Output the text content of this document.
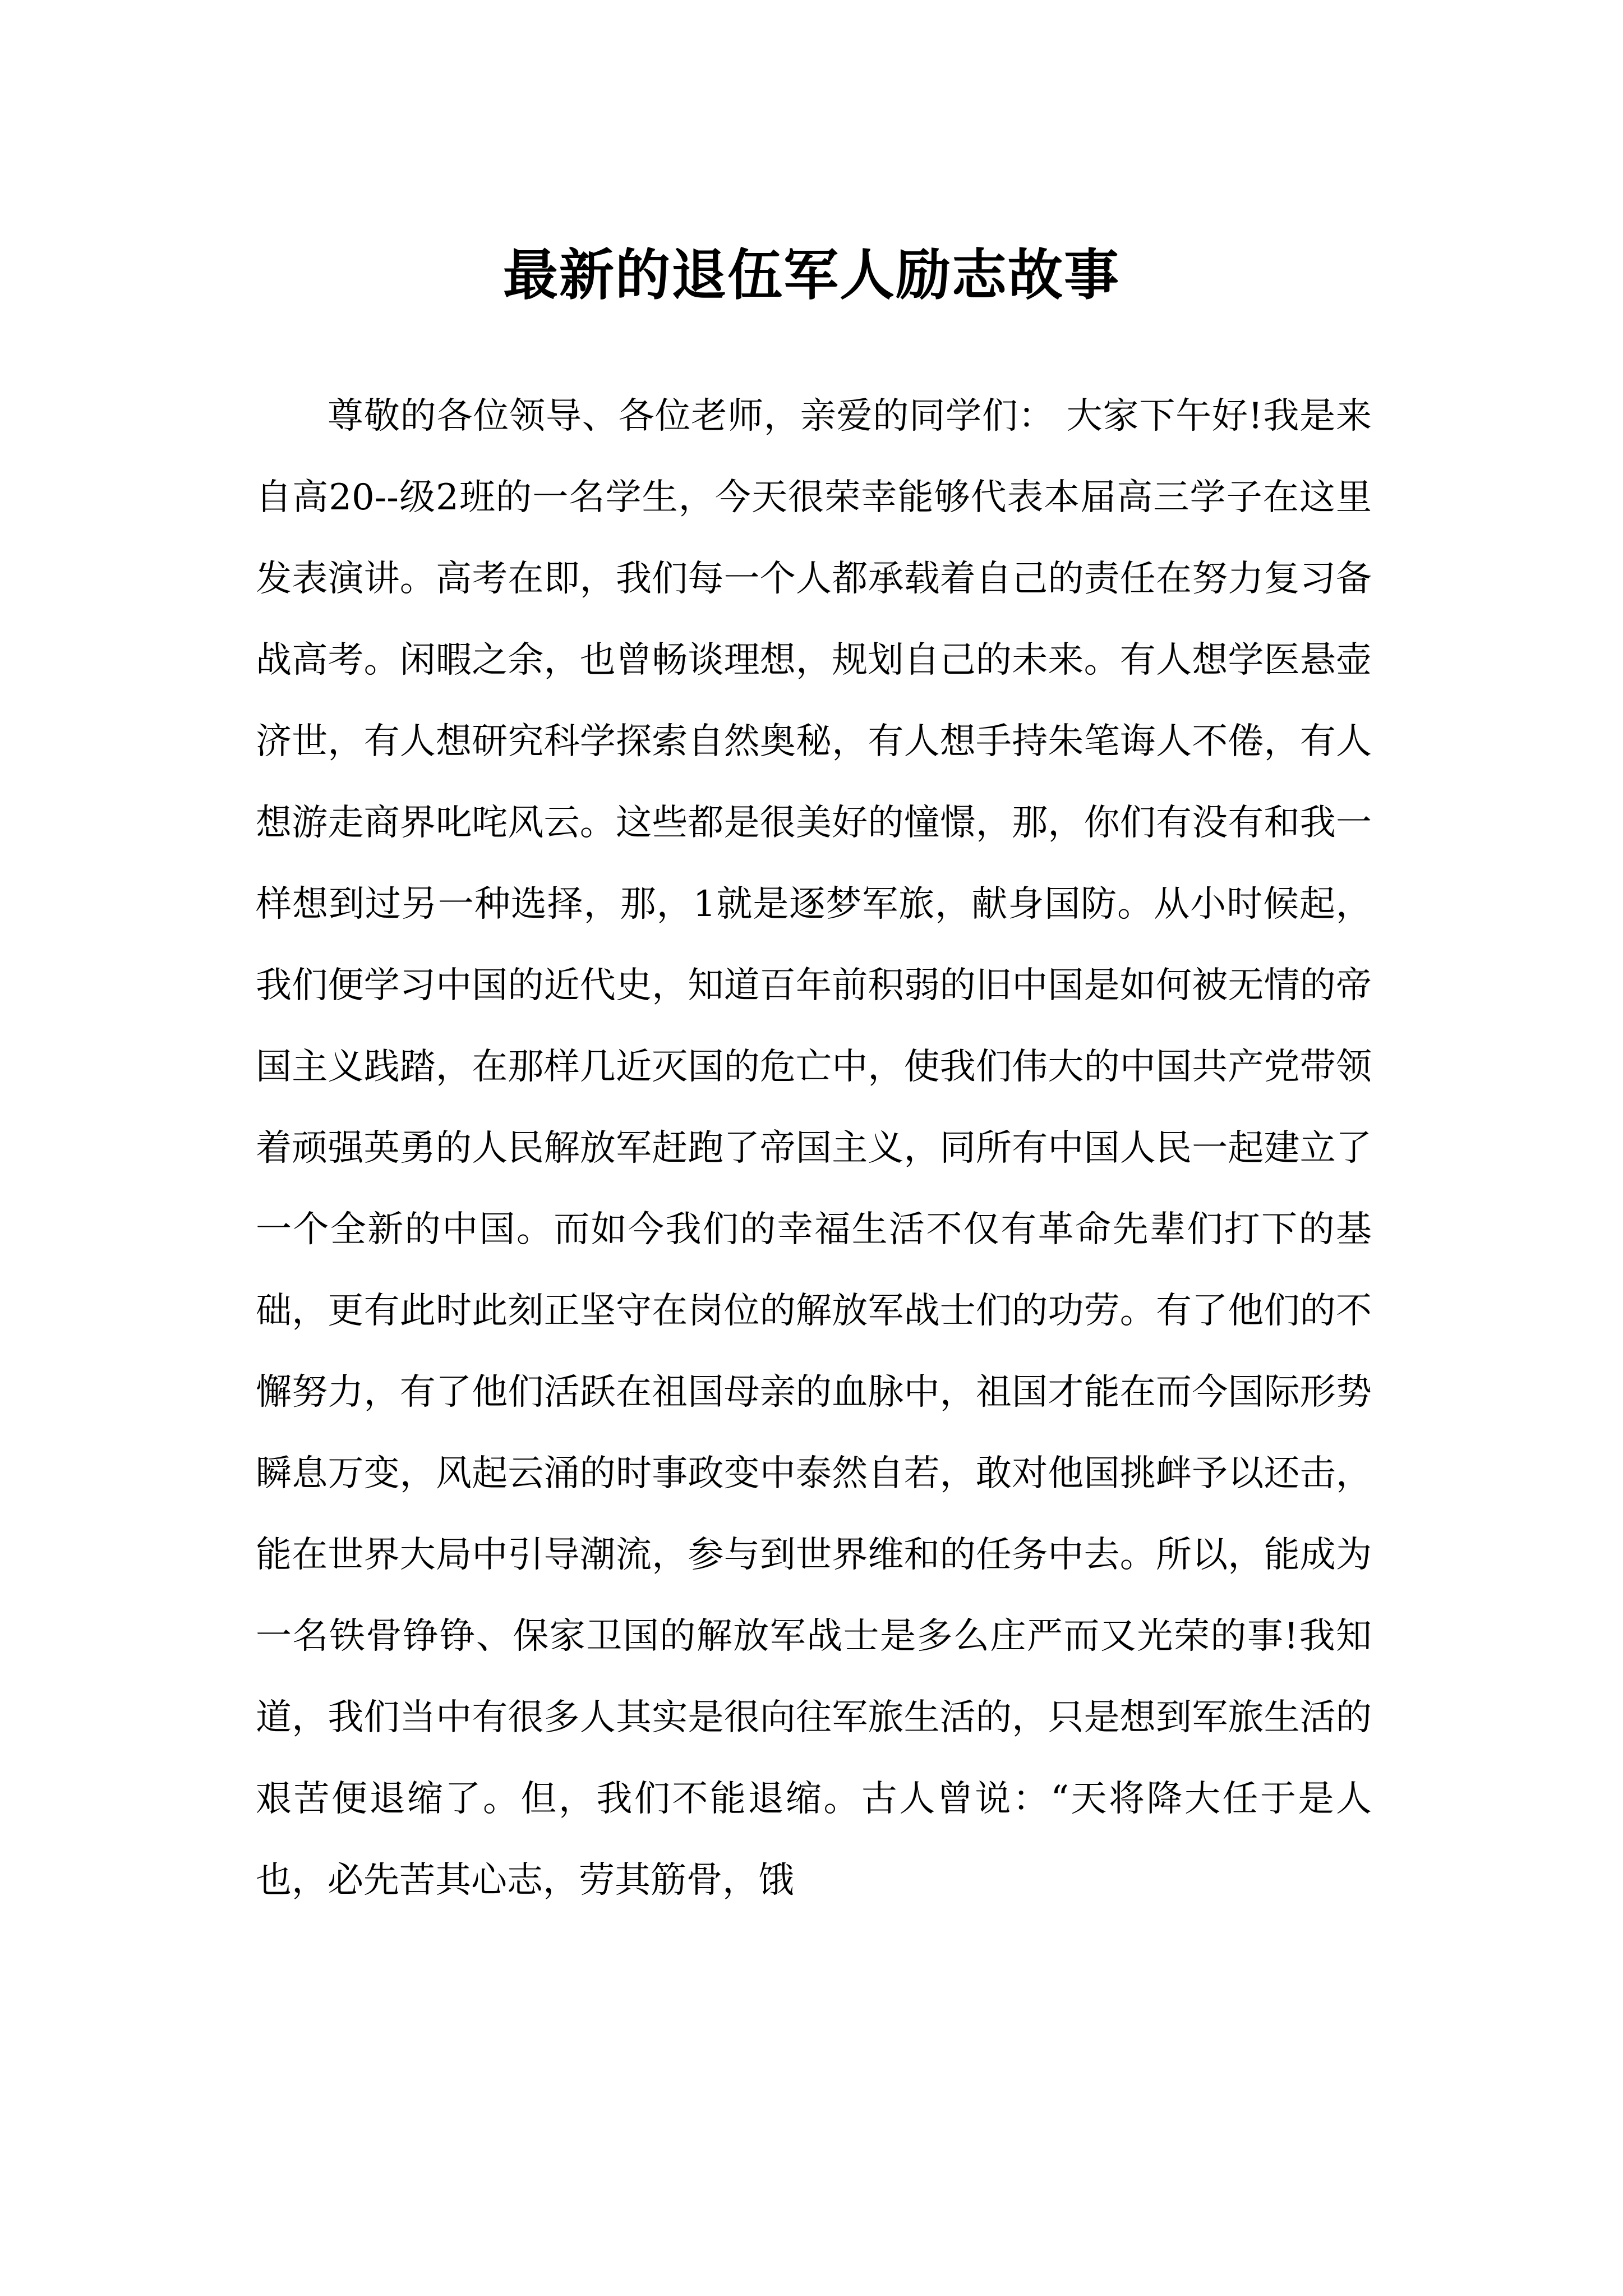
最新的退伍军人励志故事

尊敬的各位领导、各位老师，亲爱的同学们： 大家下午好!我是来自高20--级2班的一名学生，今天很荣幸能够代表本届高三学子在这里发表演讲。高考在即，我们每一个人都承载着自己的责任在努力复习备战高考。闲暇之余，也曾畅谈理想，规划自己的未来。有人想学医悬壶济世，有人想研究科学探索自然奥秘，有人想手持朱笔诲人不倦，有人想游走商界叱咤风云。这些都是很美好的憧憬，那，你们有没有和我一样想到过另一种选择，那，1就是逐梦军旅，献身国防。从小时候起，我们便学习中国的近代史，知道百年前积弱的旧中国是如何被无情的帝国主义践踏，在那样几近灭国的危亡中，使我们伟大的中国共产党带领着顽强英勇的人民解放军赶跑了帝国主义，同所有中国人民一起建立了一个全新的中国。而如今我们的幸福生活不仅有革命先辈们打下的基础，更有此时此刻正坚守在岗位的解放军战士们的功劳。有了他们的不懈努力，有了他们活跃在祖国母亲的血脉中，祖国才能在而今国际形势瞬息万变，风起云涌的时事政变中泰然自若，敢对他国挑衅予以还击，能在世界大局中引导潮流，参与到世界维和的任务中去。所以，能成为一名铁骨铮铮、保家卫国的解放军战士是多么庄严而又光荣的事!我知道，我们当中有很多人其实是很向往军旅生活的，只是想到军旅生活的艰苦便退缩了。但，我们不能退缩。古人曾说：“天将降大任于是人也，必先苦其心志，劳其筋骨，饿
